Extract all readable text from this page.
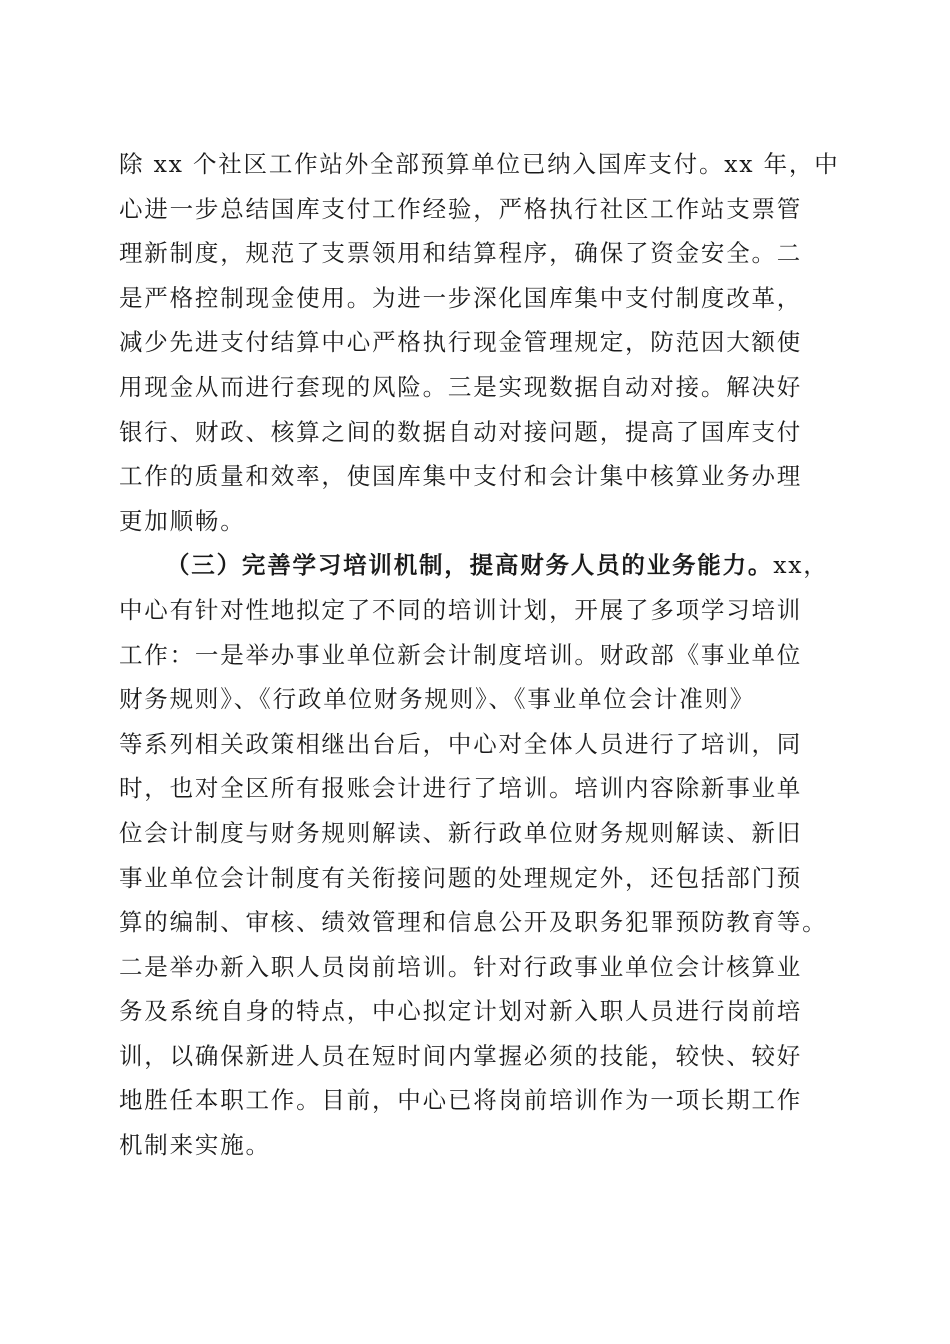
除 xx 个社区工作站外全部预算单位已纳入国库支付。xx 年，中
心进一步总结国库支付工作经验，严格执行社区工作站支票管
理新制度，规范了支票领用和结算程序，确保了资金安全。二
是严格控制现金使用。为进一步深化国库集中支付制度改革，
减少先进支付结算中心严格执行现金管理规定，防范因大额使
用现金从而进行套现的风险。三是实现数据自动对接。解决好
银行、财政、核算之间的数据自动对接问题，提高了国库支付
工作的质量和效率，使国库集中支付和会计集中核算业务办理
更加顺畅。
（三）完善学习培训机制，提高财务人员的业务能力。xx，
中心有针对性地拟定了不同的培训计划，开展了多项学习培训
工作：一是举办事业单位新会计制度培训。财政部《事业单位
财务规则》、《行政单位财务规则》、《事业单位会计准则》
等系列相关政策相继出台后，中心对全体人员进行了培训，同
时，也对全区所有报账会计进行了培训。培训内容除新事业单
位会计制度与财务规则解读、新行政单位财务规则解读、新旧
事业单位会计制度有关衔接问题的处理规定外，还包括部门预
算的编制、审核、绩效管理和信息公开及职务犯罪预防教育等。
二是举办新入职人员岗前培训。针对行政事业单位会计核算业
务及系统自身的特点，中心拟定计划对新入职人员进行岗前培
训，以确保新进人员在短时间内掌握必须的技能，较快、较好
地胜任本职工作。目前，中心已将岗前培训作为一项长期工作
机制来实施。
